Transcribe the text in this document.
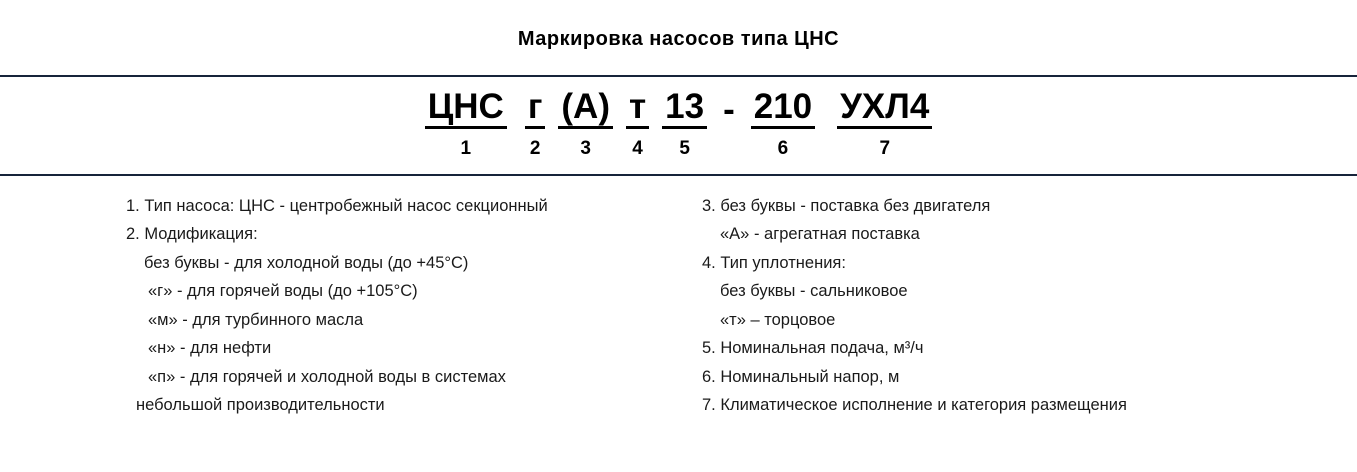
Маркировка насосов типа ЦНС
ЦНС
1
г
2
(А)
3
т
4
13
5
- 210
6
УХЛ4
7
1. Тип насоса: ЦНС - центробежный насос секционный
2. Модификация:
без буквы - для холодной воды (до +45°C)
«г» - для горячей воды (до +105°C)
«м» - для турбинного масла
«н» - для нефти
«п» - для горячей и холодной воды в системах
небольшой производительности
3. без буквы - поставка без двигателя
«А» - агрегатная поставка
4. Тип уплотнения:
без буквы - сальниковое
«т» – торцовое
5. Номинальная подача, м³/ч
6. Номинальный напор, м
7. Климатическое исполнение и категория размещения
